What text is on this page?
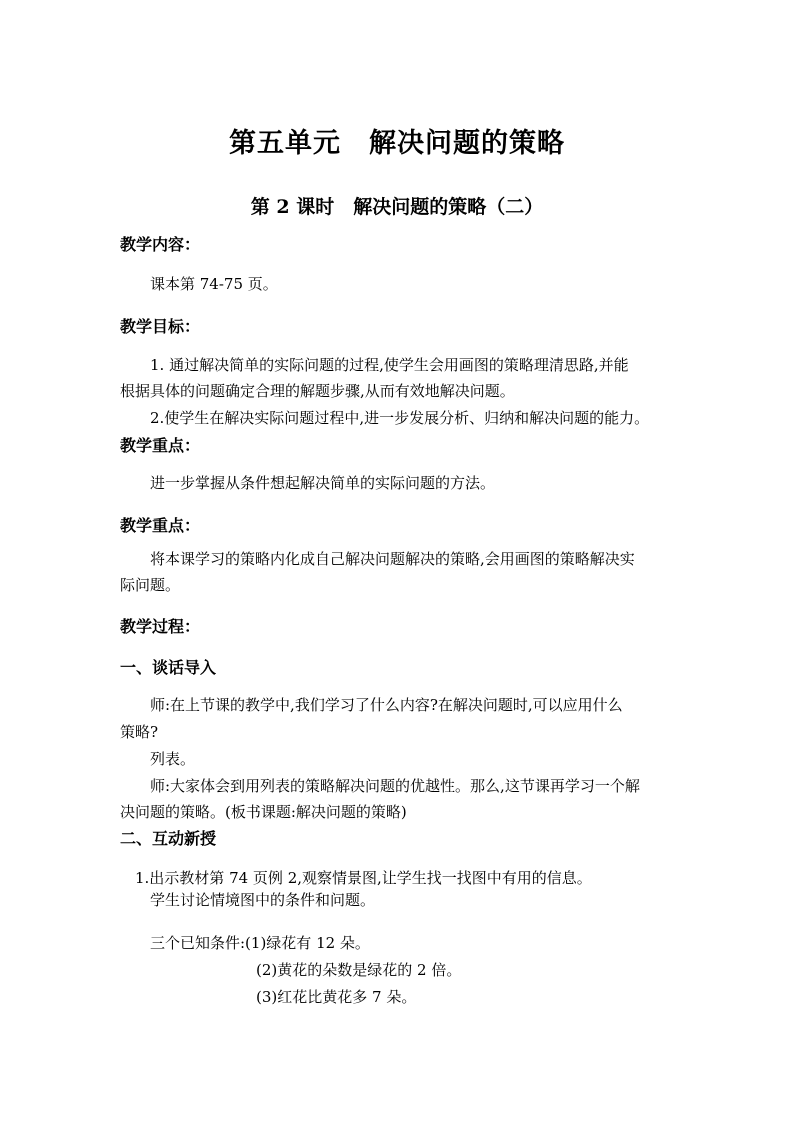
第五单元　解决问题的策略
第 2 课时　解决问题的策略（二）
教学内容：
课本第 74-75 页。
教学目标：
1. 通过解决简单的实际问题的过程,使学生会用画图的策略理清思路,并能
根据具体的问题确定合理的解题步骤,从而有效地解决问题。
2.使学生在解决实际问题过程中,进一步发展分析、归纳和解决问题的能力。
教学重点：
进一步掌握从条件想起解决简单的实际问题的方法。
教学重点：
将本课学习的策略内化成自己解决问题解决的策略,会用画图的策略解决实
际问题。
教学过程：
一、谈话导入
师:在上节课的教学中,我们学习了什么内容?在解决问题时,可以应用什么
策略?
列表。
师:大家体会到用列表的策略解决问题的优越性。那么,这节课再学习一个解
决问题的策略。(板书课题:解决问题的策略)
二、互动新授
1.出示教材第 74 页例 2,观察情景图,让学生找一找图中有用的信息。
学生讨论情境图中的条件和问题。
三个已知条件:(1)绿花有 12 朵。
(2)黄花的朵数是绿花的 2 倍。
(3)红花比黄花多 7 朵。
